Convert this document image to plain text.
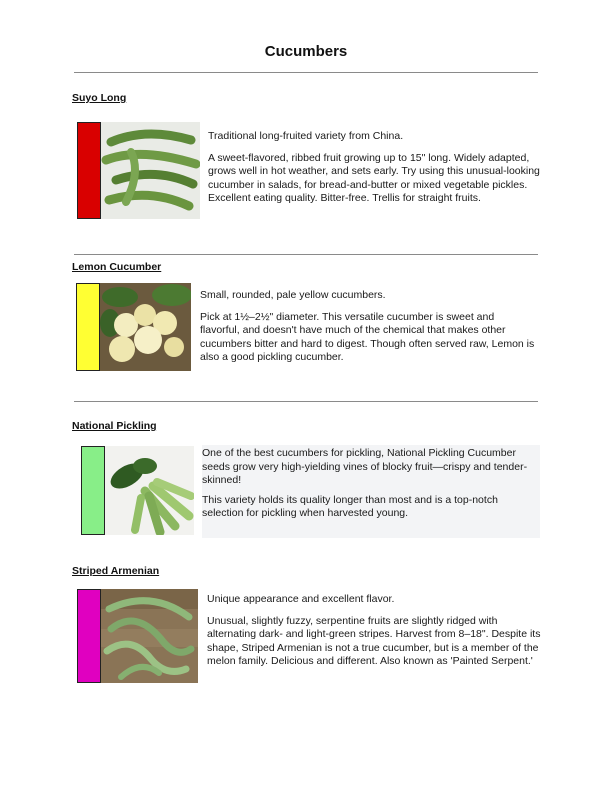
Cucumbers
Suyo Long

Traditional long-fruited variety from China.

A sweet-flavored, ribbed fruit growing up to 15" long. Widely adapted, grows well in hot weather, and sets early. Try using this unusual-looking cucumber in salads, for bread-and-butter or mixed vegetable pickles. Excellent eating quality. Bitter-free. Trellis for straight fruits.

Lemon Cucumber

Small, rounded, pale yellow cucumbers.

Pick at 1½–2½" diameter. This versatile cucumber is sweet and flavorful, and doesn't have much of the chemical that makes other cucumbers bitter and hard to digest. Though often served raw, Lemon is also a good pickling cucumber.

National Pickling

One of the best cucumbers for pickling, National Pickling Cucumber seeds grow very high-yielding vines of blocky fruit—crispy and tender-skinned!

This variety holds its quality longer than most and is a top-notch selection for pickling when harvested young.

Striped Armenian

Unique appearance and excellent flavor.

Unusual, slightly fuzzy, serpentine fruits are slightly ridged with alternating dark- and light-green stripes. Harvest from 8–18". Despite its shape, Striped Armenian is not a true cucumber, but is a member of the melon family. Delicious and different. Also known as 'Painted Serpent.'
